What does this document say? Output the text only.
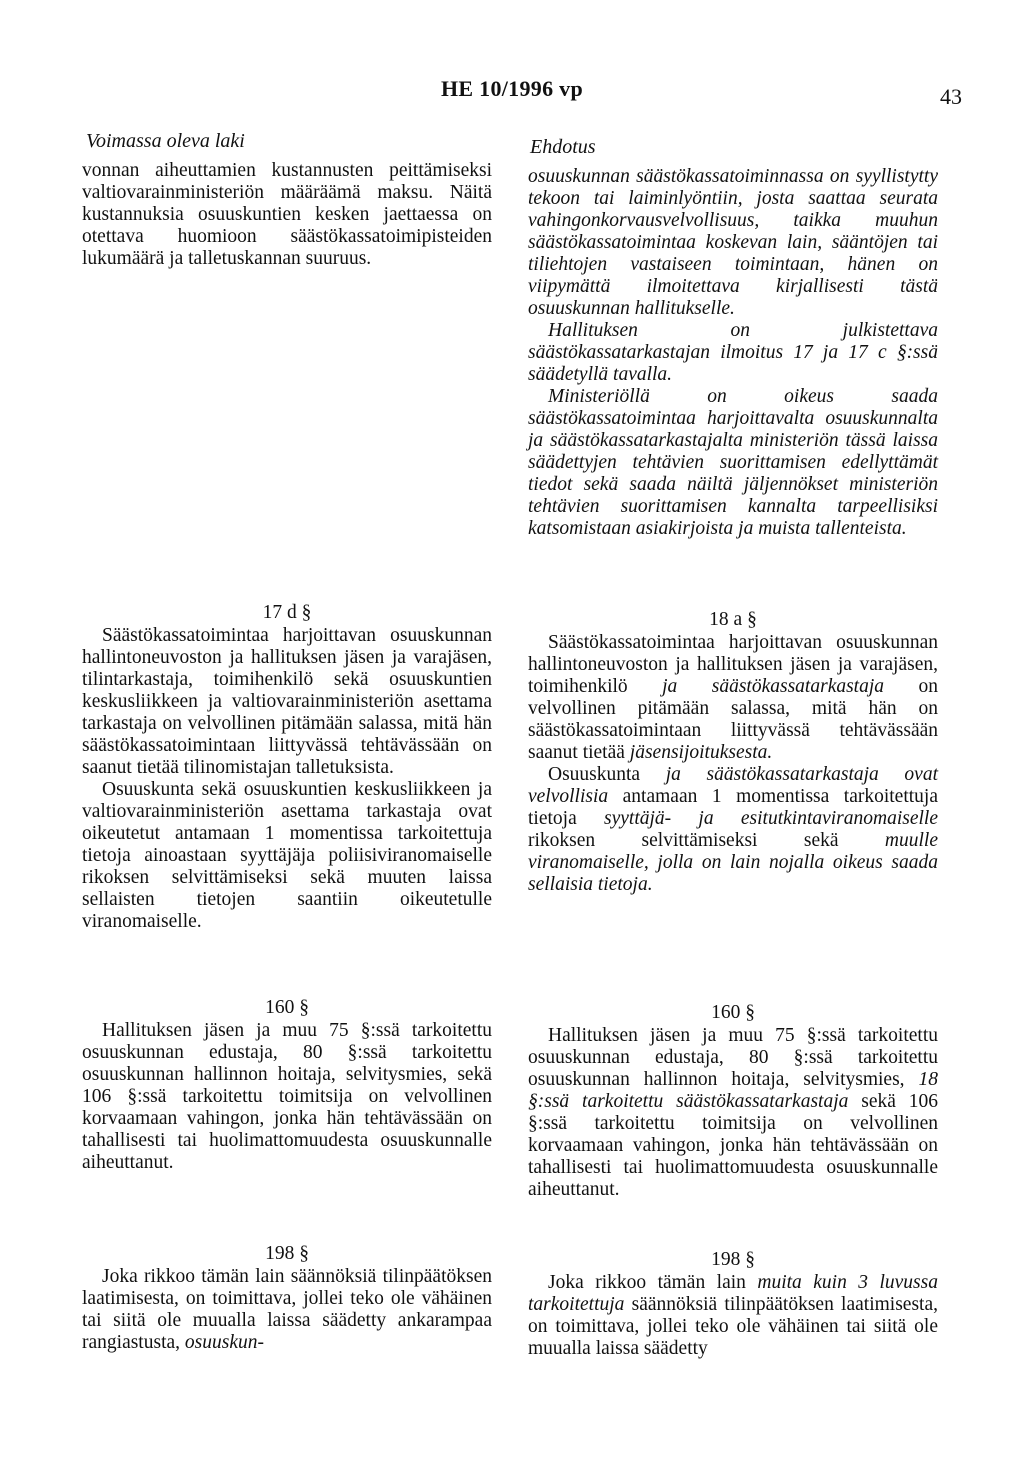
HE 10/1996 vp	43
Voimassa oleva laki	Ehdotus

vonnan aiheuttamien kustannusten peittämiseksi valtiovarainministeriön määräämä maksu. Näitä kustannuksia osuuskuntien kesken jaettaessa on otettava huomioon säästökassatoimipisteiden lukumäärä ja talletuskannan suuruus.

17 d §

Säästökassatoimintaa harjoittavan osuuskunnan hallintoneuvoston ja hallituksen jäsen ja varajäsen, tilintarkastaja, toimihenkilö sekä osuuskuntien keskusliikkeen ja valtiovarainministeriön asettama tarkastaja on velvollinen pitämään salassa, mitä hän säästökassatoimintaan liittyvässä tehtävässään on saanut tietää tilinomistajan talletuksista.

Osuuskunta sekä osuuskuntien keskusliikkeen ja valtiovarainministeriön asettama tarkastaja ovat oikeutetut antamaan 1 momentissa tarkoitettuja tietoja ainoastaan syyttäjäja poliisiviranomaiselle rikoksen selvittämiseksi sekä muuten laissa sellaisten tietojen saantiin oikeutetulle viranomaiselle.

160 §

Hallituksen jäsen ja muu 75 §:ssä tarkoitettu osuuskunnan edustaja, 80 §:ssä tarkoitettu osuuskunnan hallinnon hoitaja, selvitysmies, sekä 106 §:ssä tarkoitettu toimitsija on velvollinen korvaamaan vahingon, jonka hän tehtävässään on tahallisesti tai huolimattomuudesta osuuskunnalle aiheuttanut.

198 §

Joka rikkoo tämän lain säännöksiä tilinpäätöksen laatimisesta, on toimittava, jollei teko ole vähäinen tai siitä ole muualla laissa säädetty ankarampaa rangiastusta, osuuskun-

osuuskunnan säästökassatoiminnassa on syyllistytty tekoon tai laiminlyöntiin, josta saattaa seurata vahingonkorvausvelvollisuus, taikka muuhun säästökassatoimintaa koskevan lain, sääntöjen tai tiliehtojen vastaiseen toimintaan, hänen on viipymättä ilmoitettava kirjallisesti tästä osuuskunnan hallitukselle.

Hallituksen on julkistettava säästökassatarkastajan ilmoitus 17 ja 17 c §:ssä säädetyllä tavalla.

Ministeriöllä on oikeus saada säästökassatoimintaa harjoittavalta osuuskunnalta ja säästökassatarkastajalta ministeriön tässä laissa säädettyjen tehtävien suorittamisen edellyttämät tiedot sekä saada näiltä jäljennökset ministeriön tehtävien suorittamisen kannalta tarpeellisiksi katsomistaan asiakirjoista ja muista tallenteista.

18 a §

Säästökassatoimintaa harjoittavan osuuskunnan hallintoneuvoston ja hallituksen jäsen ja varajäsen, toimihenkilö ja säästökassatarkastaja on velvollinen pitämään salassa, mitä hän on säästökassatoimintaan liittyvässä tehtävässään saanut tietää jäsensijoituksesta.

Osuuskunta ja säästökassatarkastaja ovat velvollisia antamaan 1 momentissa tarkoitettuja tietoja syyttäjä- ja esitutkintaviranomaiselle rikoksen selvittämiseksi sekä muulle viranomaiselle, jolla on lain nojalla oikeus saada sellaisia tietoja.

160 §

Hallituksen jäsen ja muu 75 §:ssä tarkoitettu osuuskunnan edustaja, 80 §:ssä tarkoitettu osuuskunnan hallinnon hoitaja, selvitysmies, 18 §:ssä tarkoitettu säästökassatarkastaja sekä 106 §:ssä tarkoitettu toimitsija on velvollinen korvaamaan vahingon, jonka hän tehtävässään on tahallisesti tai huolimattomuudesta osuuskunnalle aiheuttanut.

198 §

Joka rikkoo tämän lain muita kuin 3 luvussa tarkoitettuja säännöksiä tilinpäätöksen laatimisesta, on toimittava, jollei teko ole vähäinen tai siitä ole muualla laissa säädetty
